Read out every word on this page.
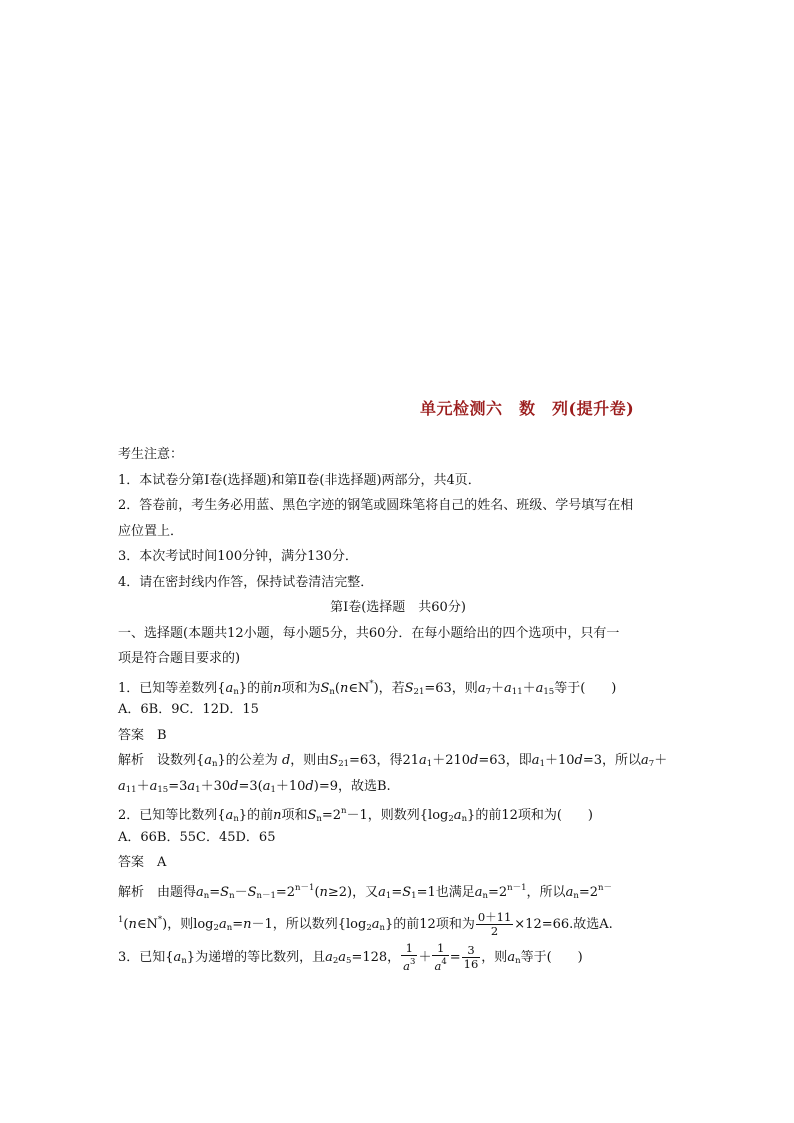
单元检测六　数　列(提升卷)

考生注意：

1．本试卷分第Ⅰ卷(选择题)和第Ⅱ卷(非选择题)两部分，共4页．

2．答卷前，考生务必用蓝、黑色字迹的钢笔或圆珠笔将自己的姓名、班级、学号填写在相

应位置上．

3．本次考试时间100分钟，满分130分．

4．请在密封线内作答，保持试卷清洁完整．

第Ⅰ卷(选择题　共60分)

一、选择题(本题共12小题，每小题5分，共60分．在每小题给出的四个选项中，只有一

项是符合题目要求的)

1．已知等差数列$\{a_n\}$的前n项和为$S_n(n\in N^*)$，若$S_{21}=63$，则$a_7+a_{11}+a_{15}$等于(　　)

A．6B．9C．12D．15

答案　B

解析　设数列$\{a_n\}$的公差为 d，则由$S_{21}=63$，得$21a_1+210d=63$，即$a_1+10d=3$，所以$a_7+$

$a_{11}+a_{15}=3a_1+30d=3(a_1+10d)=9$，故选B.

2．已知等比数列$\{a_n\}$的前n项和$S_n=2^n-1$，则数列$\{\log_2a_n\}$的前12项和为(　　)

A．66B．55C．45D．65

答案　A

解析　由题得$a_n=S_n-S_{n-1}=2^{n-1}(n\ge 2)$，又$a_1=S_1=1$也满足$a_n=2^{n-1}$，所以$a_n=2^{n-}$

$^1$(n∈N*)，则$\log_2a_n=n-1$，所以数列$\{\log_2a_n\}$的前12项和为 $\frac{0+11}{2} \times 12=66$.故选A.

3．已知$\{a_n\}$为递增的等比数列，且$a_2a_5=128$， $\frac{1}{a^3} + \frac{1}{a^4} = \frac{3}{16}$ ，则$a_n$等于(　　)
